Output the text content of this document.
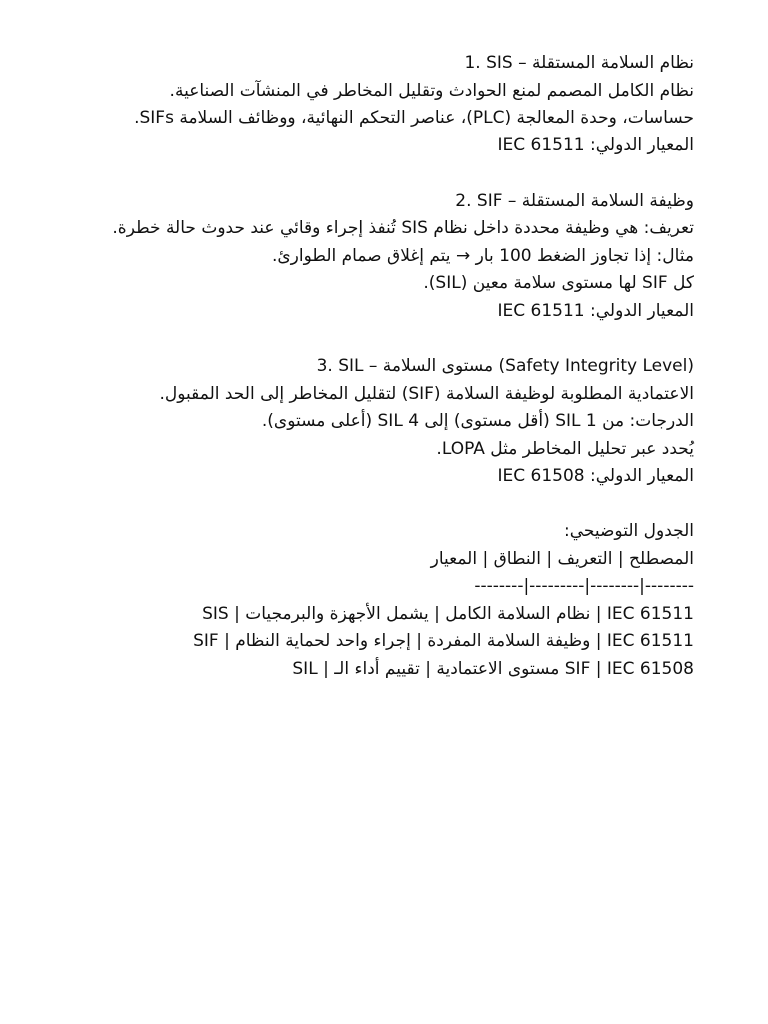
1. SIS – نظام السلامة المستقلة
نظام الكامل المصمم لمنع الحوادث وتقليل المخاطر في المنشآت الصناعية.
حساسات، وحدة المعالجة (PLC)، عناصر التحكم النهائية، ووظائف السلامة SIFs.
المعيار الدولي: IEC 61511
2. SIF – وظيفة السلامة المستقلة
تعريف: هي وظيفة محددة داخل نظام SIS تُنفذ إجراء وقائي عند حدوث حالة خطرة.
مثال: إذا تجاوز الضغط 100 بار → يتم إغلاق صمام الطوارئ.
كل SIF لها مستوى سلامة معين (SIL).
المعيار الدولي: IEC 61511
3. SIL – مستوى السلامة (Safety Integrity Level)
الاعتمادية المطلوبة لوظيفة السلامة (SIF) لتقليل المخاطر إلى الحد المقبول.
الدرجات: من SIL 1 (أقل مستوى) إلى SIL 4 (أعلى مستوى).
يُحدد عبر تحليل المخاطر مثل LOPA.
المعيار الدولي: IEC 61508
الجدول التوضيحي:
المصطلح | التعريف | النطاق | المعيار
--------|---------|--------|--------
SIS | نظام السلامة الكامل | يشمل الأجهزة والبرمجيات | IEC 61511
SIF | وظيفة السلامة المفردة | إجراء واحد لحماية النظام | IEC 61511
SIL | مستوى الاعتمادية | تقييم أداء الـ SIF | IEC 61508
